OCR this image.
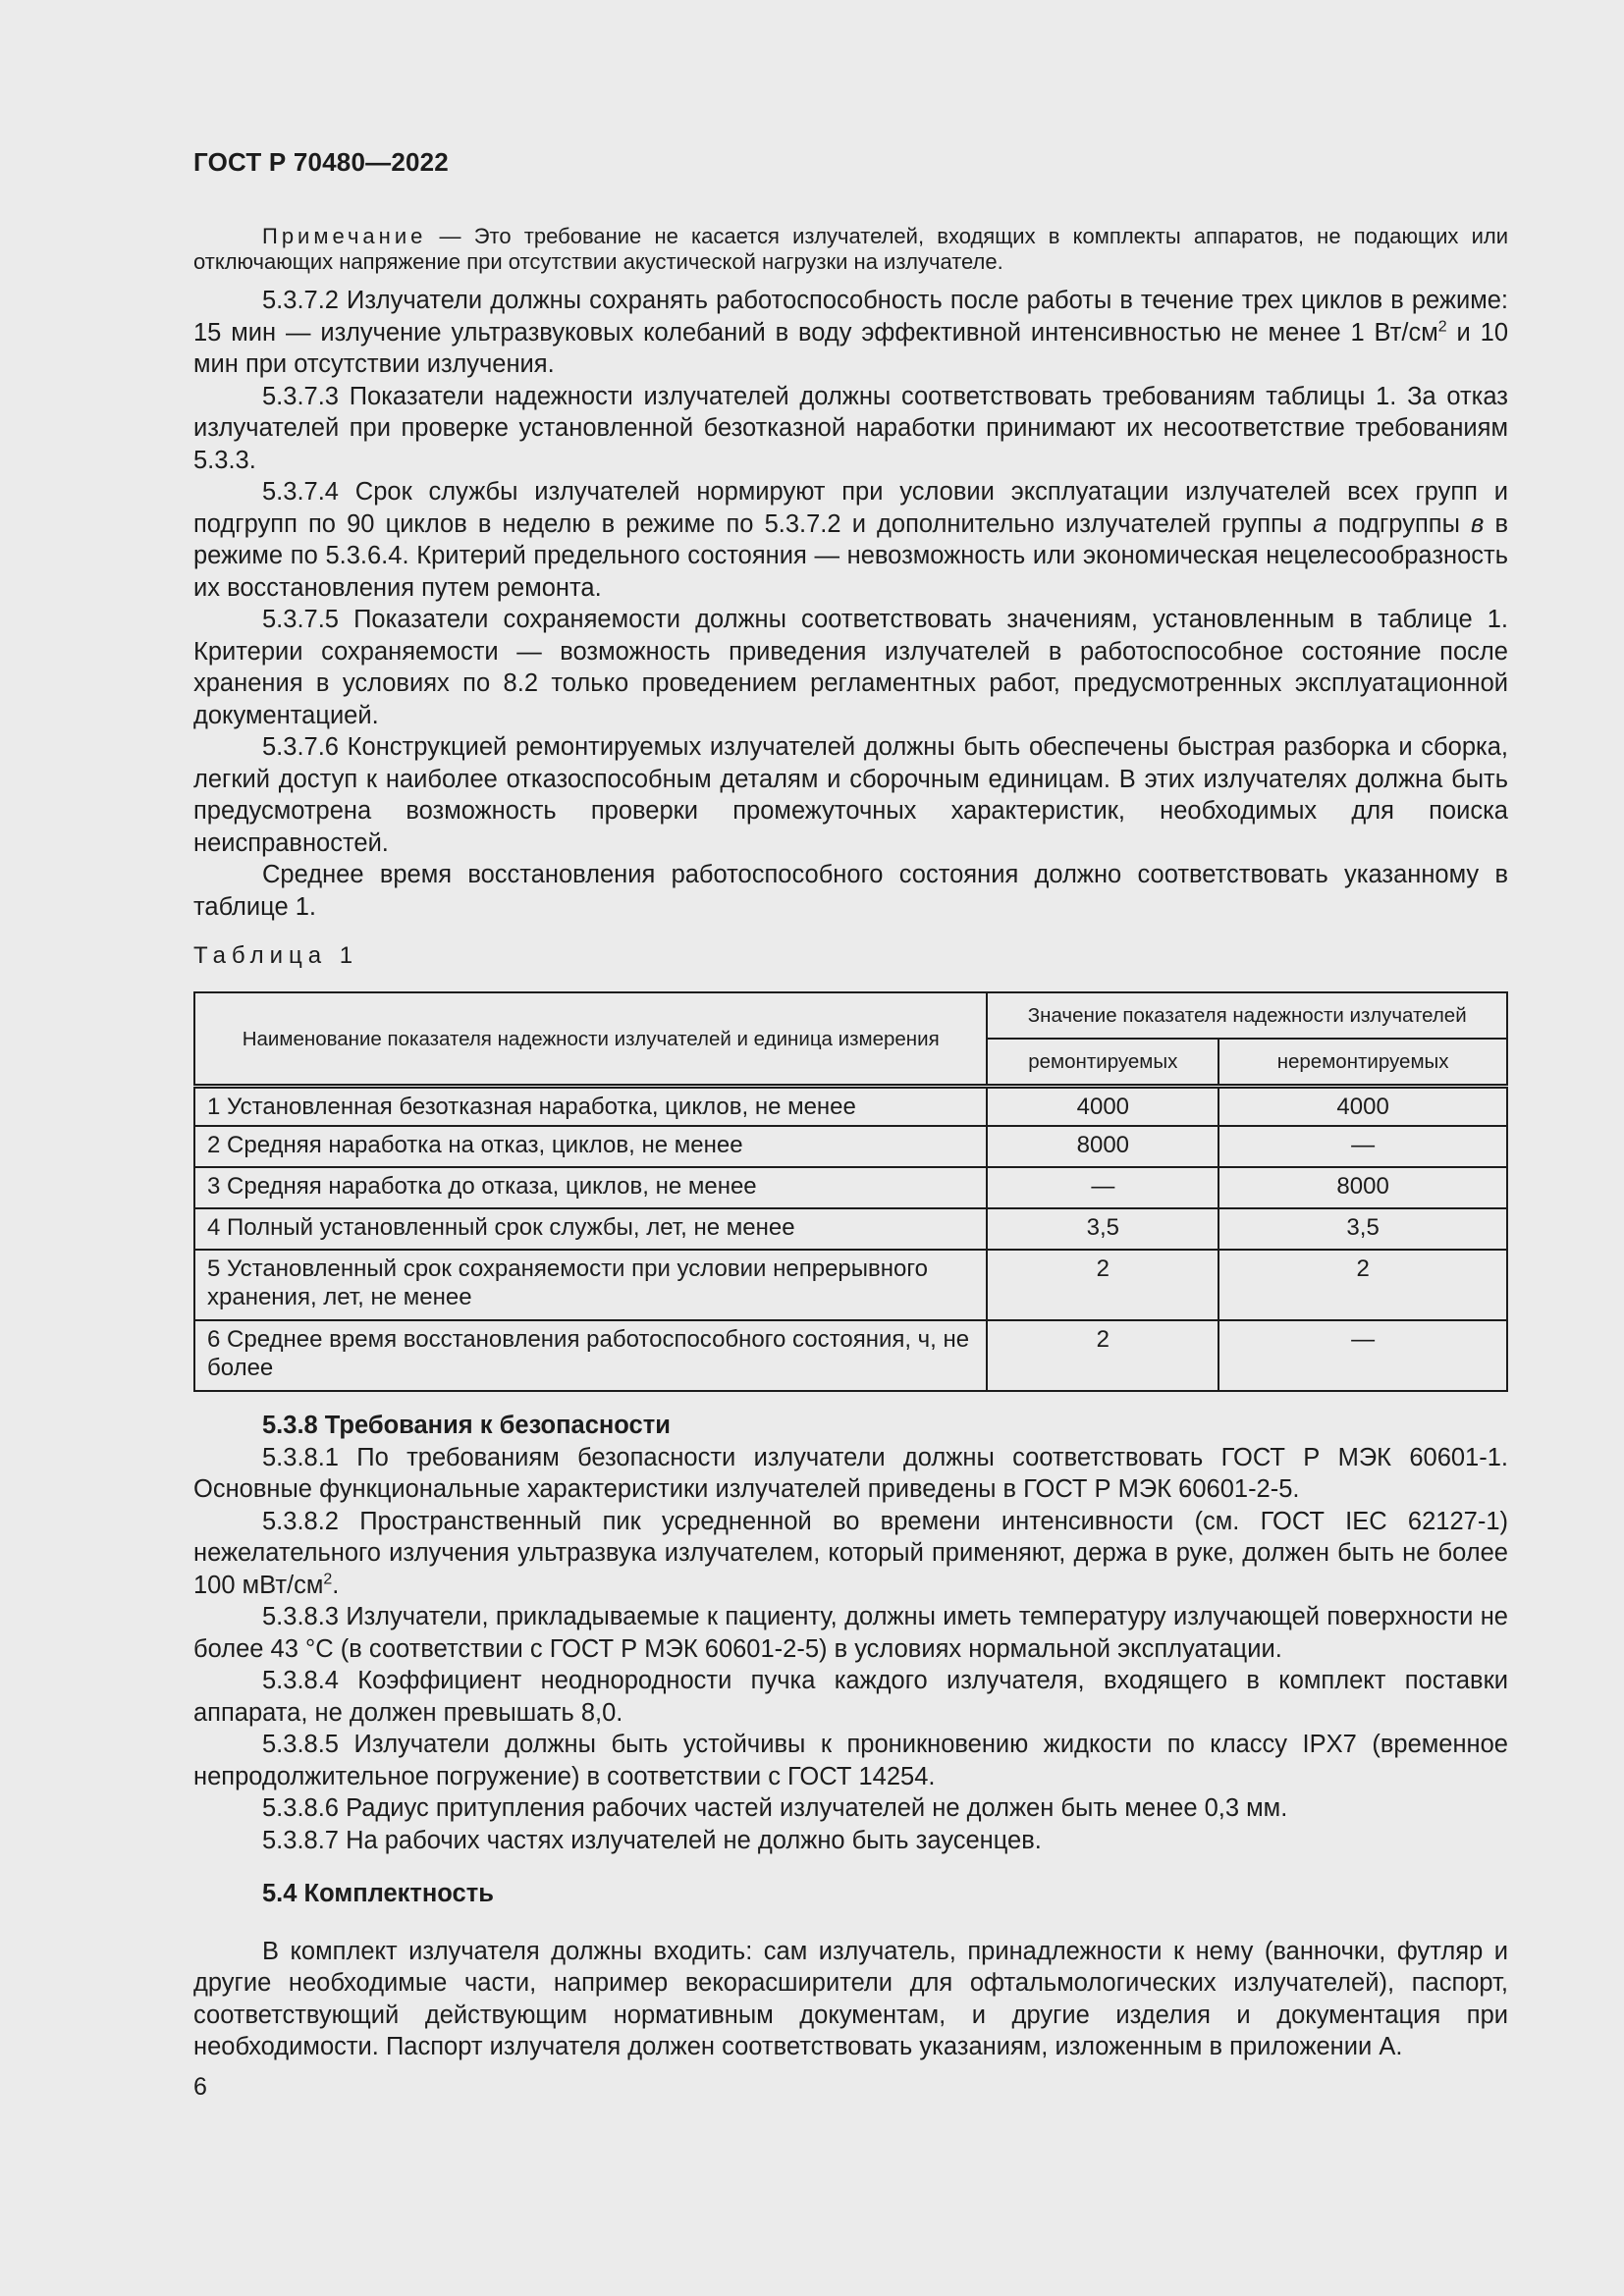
ГОСТ Р 70480—2022

Примечание — Это требование не касается излучателей, входящих в комплекты аппаратов, не подающих или отключающих напряжение при отсутствии акустической нагрузки на излучателе.

5.3.7.2 Излучатели должны сохранять работоспособность после работы в течение трех циклов в режиме: 15 мин — излучение ультразвуковых колебаний в воду эффективной интенсивностью не менее 1 $Вт/см^2$ и 10 мин при отсутствии излучения.

5.3.7.3 Показатели надежности излучателей должны соответствовать требованиям таблицы 1. За отказ излучателей при проверке установленной безотказной наработки принимают их несоответствие требованиям 5.3.3.

5.3.7.4 Срок службы излучателей нормируют при условии эксплуатации излучателей всех групп и подгрупп по 90 циклов в неделю в режиме по 5.3.7.2 и дополнительно излучателей группы а подгруппы в в режиме по 5.3.6.4. Критерий предельного состояния — невозможность или экономическая нецелесообразность их восстановления путем ремонта.

5.3.7.5 Показатели сохраняемости должны соответствовать значениям, установленным в таблице 1. Критерии сохраняемости — возможность приведения излучателей в работоспособное состояние после хранения в условиях по 8.2 только проведением регламентных работ, предусмотренных эксплуатационной документацией.

5.3.7.6 Конструкцией ремонтируемых излучателей должны быть обеспечены быстрая разборка и сборка, легкий доступ к наиболее отказоспособным деталям и сборочным единицам. В этих излучателях должна быть предусмотрена возможность проверки промежуточных характеристик, необходимых для поиска неисправностей.

Среднее время восстановления работоспособного состояния должно соответствовать указанному в таблице 1.

Таблица 1
Наименование показателя надежности излучателей и единица измерения	Значение показателя надежности излучателей	
	ремонтируемых	неремонтируемых
1 Установленная безотказная наработка, циклов, не менее	4000	4000
2 Средняя наработка на отказ, циклов, не менее	8000	—
3 Средняя наработка до отказа, циклов, не менее	—	8000
4 Полный установленный срок службы, лет, не менее	3,5	3,5
5 Установленный срок сохраняемости при условии непрерывного хранения, лет, не менее	2	2
6 Среднее время восстановления работоспособного состояния, ч, не более	2	—
5.3.8 Требования к безопасности

5.3.8.1 По требованиям безопасности излучатели должны соответствовать ГОСТ Р МЭК 60601-1. Основные функциональные характеристики излучателей приведены в ГОСТ Р МЭК 60601-2-5.

5.3.8.2 Пространственный пик усредненной во времени интенсивности (см. ГОСТ IEC 62127-1) нежелательного излучения ультразвука излучателем, который применяют, держа в руке, должен быть не более 100 мВт/$см^2$.

5.3.8.3 Излучатели, прикладываемые к пациенту, должны иметь температуру излучающей поверхности не более 43 °С (в соответствии с ГОСТ Р МЭК 60601-2-5) в условиях нормальной эксплуатации.

5.3.8.4 Коэффициент неоднородности пучка каждого излучателя, входящего в комплект поставки аппарата, не должен превышать 8,0.

5.3.8.5 Излучатели должны быть устойчивы к проникновению жидкости по классу IPX7 (временное непродолжительное погружение) в соответствии с ГОСТ 14254.

5.3.8.6 Радиус притупления рабочих частей излучателей не должен быть менее 0,3 мм.

5.3.8.7 На рабочих частях излучателей не должно быть заусенцев.

5.4 Комплектность

В комплект излучателя должны входить: сам излучатель, принадлежности к нему (ванночки, футляр и другие необходимые части, например векорасширители для офтальмологических излучателей), паспорт, соответствующий действующим нормативным документам, и другие изделия и документация при необходимости. Паспорт излучателя должен соответствовать указаниям, изложенным в приложении А.

6
